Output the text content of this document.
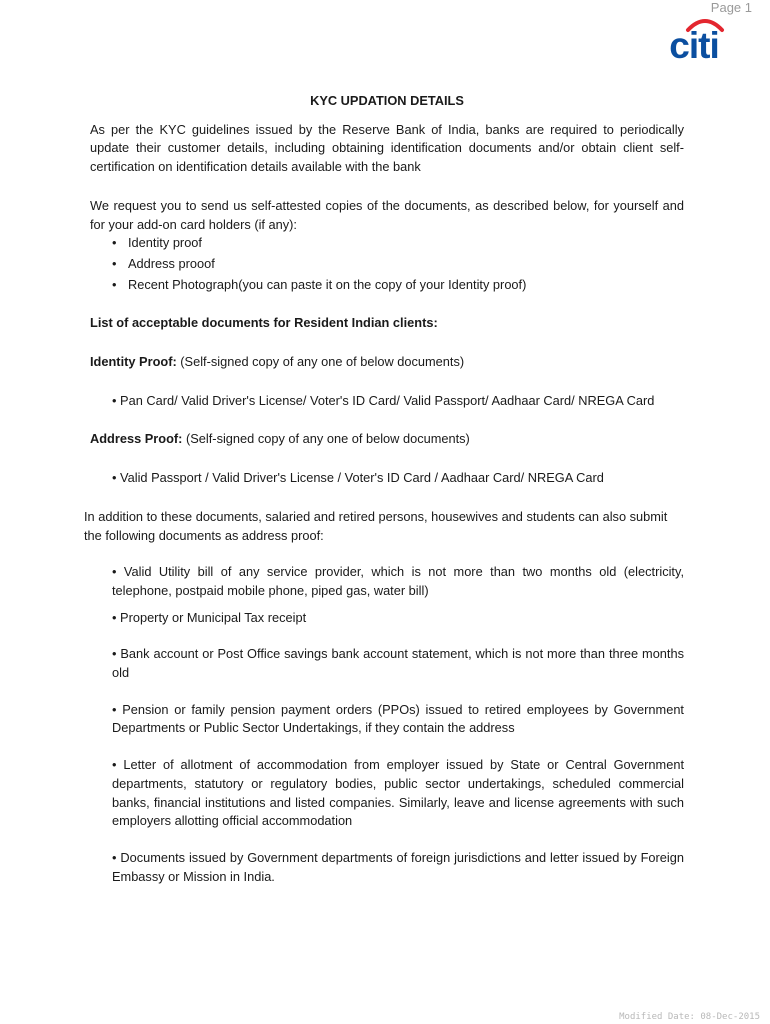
Page 1
citi

KYC UPDATION DETAILS

As per the KYC guidelines issued by the Reserve Bank of India, banks are required to periodically update their customer details, including obtaining identification documents and/or obtain client self-certification on identification details available with the bank

We request you to send us self-attested copies of the documents, as described below, for yourself and for your add-on card holders (if any):

• Identity proof
• Address prooof
• Recent Photograph(you can paste it on the copy of your Identity proof)

List of acceptable documents for Resident Indian clients:

Identity Proof: (Self-signed copy of any one of below documents)

• Pan Card/ Valid Driver's License/ Voter's ID Card/ Valid Passport/ Aadhaar Card/ NREGA Card

Address Proof: (Self-signed copy of any one of below documents)

• Valid Passport / Valid Driver's License / Voter's ID Card / Aadhaar Card/ NREGA Card

In addition to these documents, salaried and retired persons, housewives and students can also submit the following documents as address proof:

• Valid Utility bill of any service provider, which is not more than two months old (electricity, telephone, postpaid mobile phone, piped gas, water bill)

• Property or Municipal Tax receipt

• Bank account or Post Office savings bank account statement, which is not more than three months old

• Pension or family pension payment orders (PPOs) issued to retired employees by Government Departments or Public Sector Undertakings, if they contain the address

• Letter of allotment of accommodation from employer issued by State or Central Government departments, statutory or regulatory bodies, public sector undertakings, scheduled commercial banks, financial institutions and listed companies. Similarly, leave and license agreements with such employers allotting official accommodation

• Documents issued by Government departments of foreign jurisdictions and letter issued by Foreign Embassy or Mission in India.

Modified Date: 08-Dec-2015
